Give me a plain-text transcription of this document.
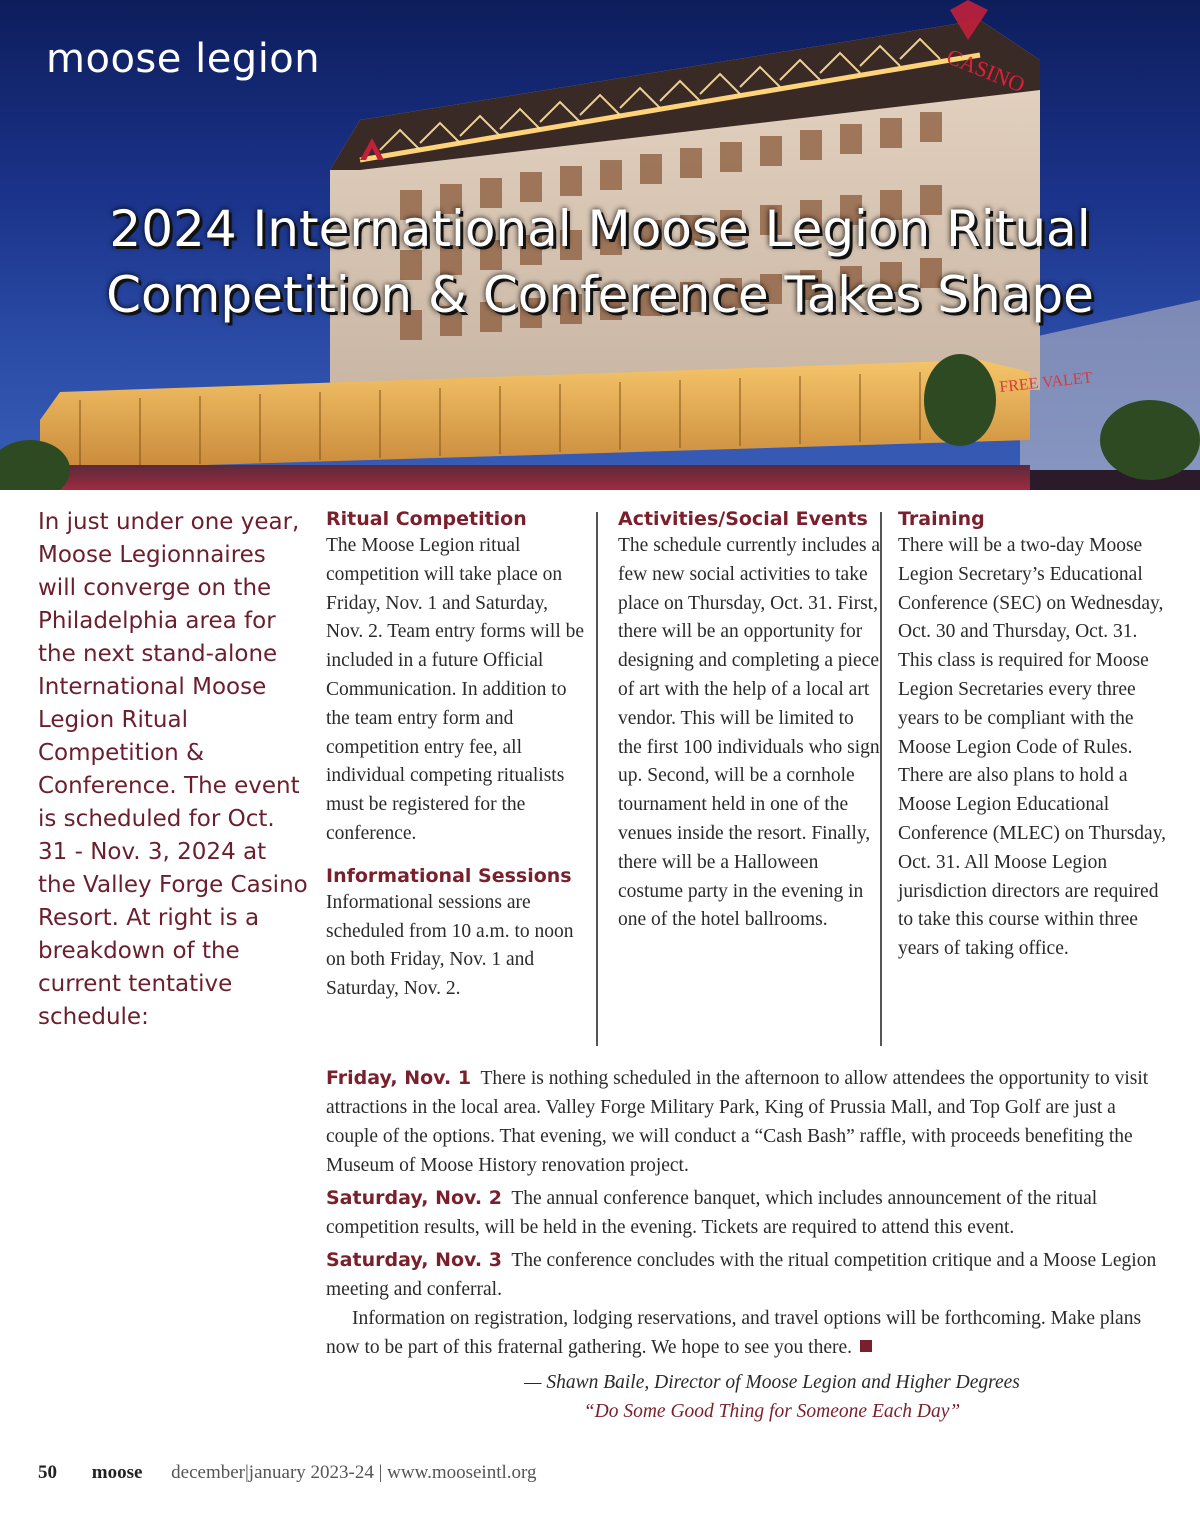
CASINO
FREE VALET
moose legion
2024 International Moose Legion Ritual
Competition & Conference Takes Shape
In just under one year, Moose Legionnaires will converge on the Philadelphia area for the next stand-alone International Moose Legion Ritual Competition & Conference. The event is scheduled for Oct. 31 - Nov. 3, 2024 at the Valley Forge Casino Resort. At right is a breakdown of the current tentative schedule:
Ritual Competition

The Moose Legion ritual competition will take place on Friday, Nov. 1 and Saturday, Nov. 2. Team entry forms will be included in a future Official Communication. In addition to the team entry form and competition entry fee, all individual competing ritualists must be registered for the conference.

Informational Sessions

Informational sessions are scheduled from 10 a.m. to noon on both Friday, Nov. 1 and Saturday, Nov. 2.

Activities/Social Events

The schedule currently includes a few new social activities to take place on Thursday, Oct. 31. First, there will be an opportunity for designing and completing a piece of art with the help of a local art vendor. This will be limited to the first 100 individuals who sign up. Second, will be a cornhole tournament held in one of the venues inside the resort. Finally, there will be a Halloween costume party in the evening in one of the hotel ballrooms.

Training

There will be a two-day Moose Legion Secretary’s Educational Conference (SEC) on Wednesday, Oct. 30 and Thursday, Oct. 31. This class is required for Moose Legion Secretaries every three years to be compliant with the Moose Legion Code of Rules. There are also plans to hold a Moose Legion Educational Conference (MLEC) on Thursday, Oct. 31. All Moose Legion jurisdiction directors are required to take this course within three years of taking office.

Friday, Nov. 1 There is nothing scheduled in the afternoon to allow attendees the opportunity to visit attractions in the local area. Valley Forge Military Park, King of Prussia Mall, and Top Golf are just a couple of the options. That evening, we will conduct a “Cash Bash” raffle, with proceeds benefiting the Museum of Moose History renovation project.

Saturday, Nov. 2 The annual conference banquet, which includes announcement of the ritual competition results, will be held in the evening. Tickets are required to attend this event.

Saturday, Nov. 3 The conference concludes with the ritual competition critique and a Moose Legion meeting and conferral.

Information on registration, lodging reservations, and travel options will be forthcoming. Make plans now to be part of this fraternal gathering. We hope to see you there.

— Shawn Baile, Director of Moose Legion and Higher Degrees
“Do Some Good Thing for Someone Each Day”
50 moose december|january 2023-24 | www.mooseintl.org
